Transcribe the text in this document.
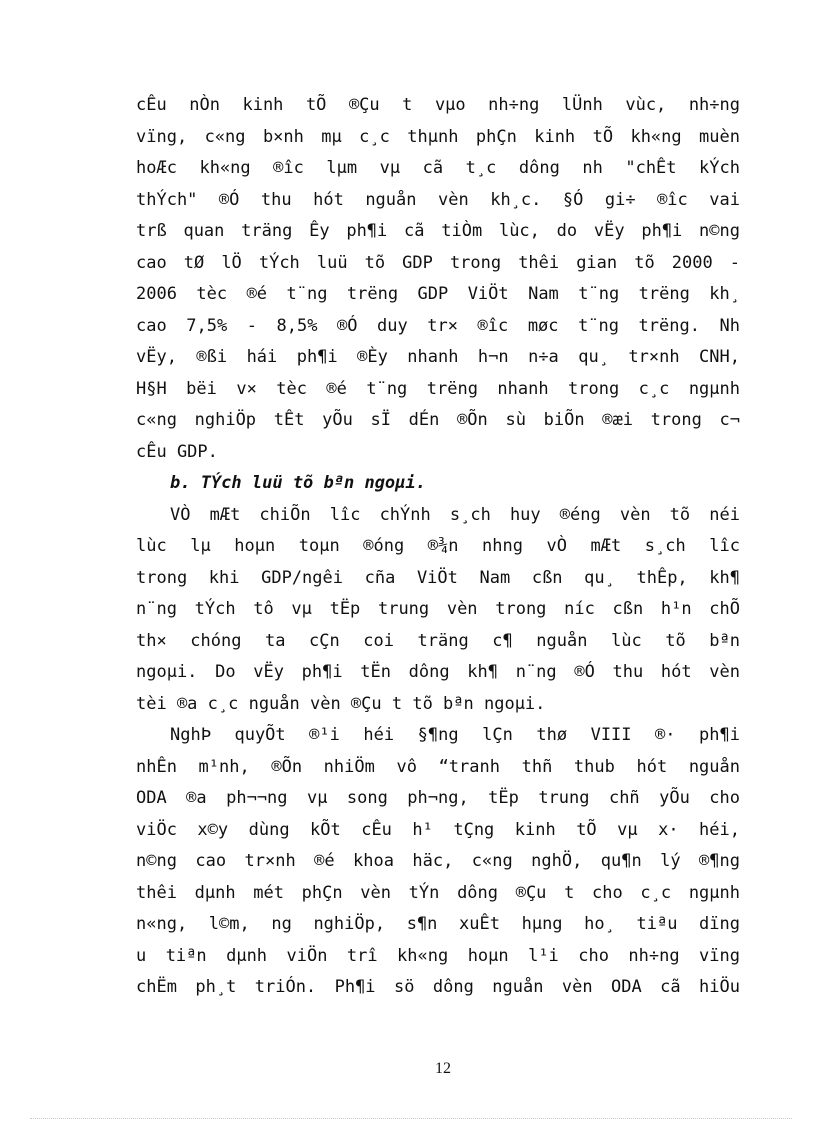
cÊu nÒn kinh tÕ ®Çu t vµo nh÷ng lÜnh vùc, nh÷ng
vïng, c«ng b×nh mµ c¸c thµnh phÇn kinh tÕ kh«ng muèn
hoÆc kh«ng ®îc lµm vµ cã t¸c dông nh "chÊt kÝch
thÝch" ®Ó thu hót nguån vèn kh¸c. §Ó gi÷ ®îc vai
trß quan träng Êy ph¶i cã tiÒm lùc, do vËy ph¶i n©ng
cao tØ lÖ tÝch luü tõ GDP trong thêi gian tõ 2000 -
2006 tèc ®é t¨ng trëng GDP ViÖt Nam t¨ng trëng kh¸
cao 7,5% - 8,5% ®Ó duy tr× ®îc møc t¨ng trëng. Nh
vËy, ®ßi hái ph¶i ®Èy nhanh h¬n n÷a qu¸ tr×nh CNH,
H§H bëi v× tèc ®é t¨ng trëng nhanh trong c¸c ngµnh
c«ng nghiÖp tÊt yÕu sÏ dÉn ®Õn sù biÕn ®æi trong c¬
cÊu GDP.
b. TÝch luü tõ bªn ngoµi.
VÒ mÆt chiÕn lîc chÝnh s¸ch huy ®éng vèn tõ néi
lùc lµ hoµn toµn ®óng ®¾n nhng vÒ mÆt s¸ch lîc
trong khi GDP/ngêi cña ViÖt Nam cßn qu¸ thÊp, kh¶
n¨ng tÝch tô vµ tËp trung vèn trong níc cßn h¹n chÕ
th× chóng ta cÇn coi träng c¶ nguån lùc tõ bªn
ngoµi. Do vËy ph¶i tËn dông kh¶ n¨ng ®Ó thu hót vèn
tèi ®a c¸c nguån vèn ®Çu t tõ bªn ngoµi.
NghÞ quyÕt ®¹i héi §¶ng lÇn thø VIII ®· ph¶i
nhÊn m¹nh, ®Õn nhiÖm vô “tranh thñ thub hót nguån
ODA ®a ph¬¬ng vµ song ph¬ng, tËp trung chñ yÕu cho
viÖc x©y dùng kÕt cÊu h¹ tÇng kinh tÕ vµ x· héi,
n©ng cao tr×nh ®é khoa häc, c«ng nghÖ, qu¶n lý ®¶ng
thêi dµnh mét phÇn vèn tÝn dông ®Çu t cho c¸c ngµnh
n«ng, l©m, ng nghiÖp, s¶n xuÊt hµng ho¸ tiªu dïng
u tiªn dµnh viÖn trî kh«ng hoµn l¹i cho nh÷ng vïng
chËm ph¸t triÓn. Ph¶i sö dông nguån vèn ODA cã hiÖu
12
